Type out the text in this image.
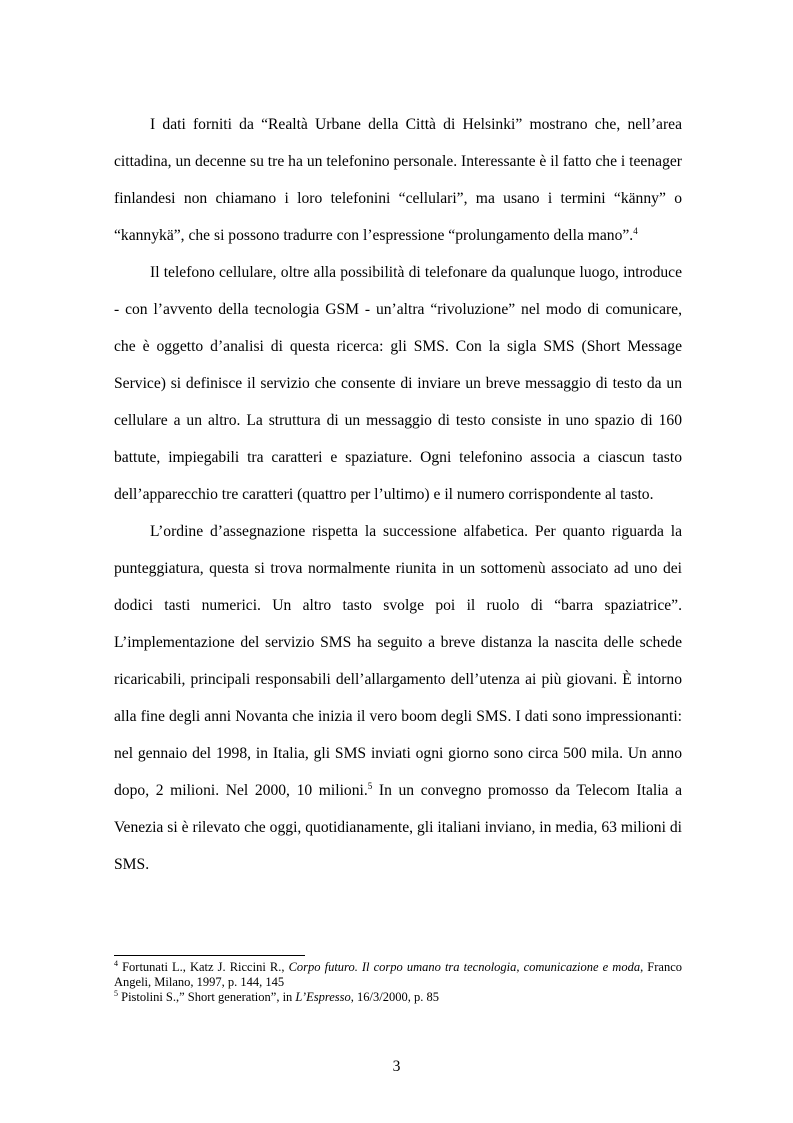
I dati forniti da “Realtà Urbane della Città di Helsinki” mostrano che, nell’area cittadina, un decenne su tre ha un telefonino personale. Interessante è il fatto che i teenager finlandesi non chiamano i loro telefonini “cellulari”, ma usano i termini “känny” o “kannykä”, che si possono tradurre con l’espressione “prolungamento della mano”.$^4$

Il telefono cellulare, oltre alla possibilità di telefonare da qualunque luogo, introduce - con l’avvento della tecnologia GSM - un’altra “rivoluzione” nel modo di comunicare, che è oggetto d’analisi di questa ricerca: gli SMS. Con la sigla SMS (Short Message Service) si definisce il servizio che consente di inviare un breve messaggio di testo da un cellulare a un altro. La struttura di un messaggio di testo consiste in uno spazio di 160 battute, impiegabili tra caratteri e spaziature. Ogni telefonino associa a ciascun tasto dell’apparecchio tre caratteri (quattro per l’ultimo) e il numero corrispondente al tasto.

L’ordine d’assegnazione rispetta la successione alfabetica. Per quanto riguarda la punteggiatura, questa si trova normalmente riunita in un sottomenù associato ad uno dei dodici tasti numerici. Un altro tasto svolge poi il ruolo di “barra spaziatrice”. L’implementazione del servizio SMS ha seguito a breve distanza la nascita delle schede ricaricabili, principali responsabili dell’allargamento dell’utenza ai più giovani. È intorno alla fine degli anni Novanta che inizia il vero boom degli SMS. I dati sono impressionanti: nel gennaio del 1998, in Italia, gli SMS inviati ogni giorno sono circa 500 mila. Un anno dopo, 2 milioni. Nel 2000, 10 milioni.$^5$ In un convegno promosso da Telecom Italia a Venezia si è rilevato che oggi, quotidianamente, gli italiani inviano, in media, 63 milioni di SMS.

$^4$ Fortunati L., Katz J. Riccini R., Corpo futuro. Il corpo umano tra tecnologia, comunicazione e moda, Franco Angeli, Milano, 1997, p. 144, 145

$^5$ Pistolini S.,” Short generation”, in L’Espresso, 16/3/2000, p. 85

3
